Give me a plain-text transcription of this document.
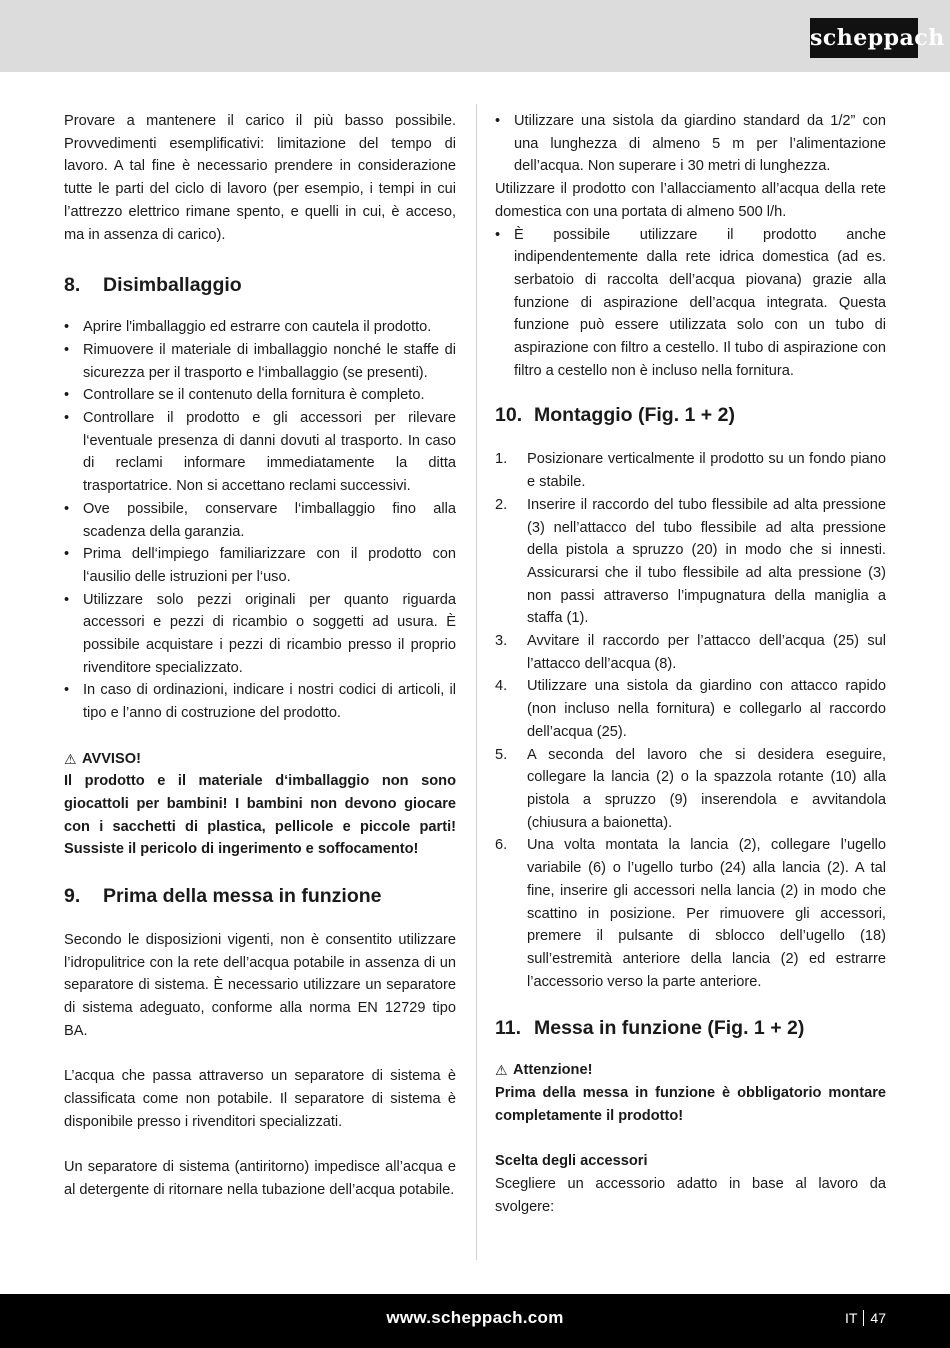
scheppach

Provare a mantenere il carico il più basso possibile. Provvedimenti esemplificativi: limitazione del tempo di lavoro. A tal fine è necessario prendere in considerazione tutte le parti del ciclo di lavoro (per esempio, i tempi in cui l’attrezzo elettrico rimane spento, e quelli in cui, è acceso, ma in assenza di carico).

8.	Disimballaggio
• Aprire l'imballaggio ed estrarre con cautela il prodotto.
• Rimuovere il materiale di imballaggio nonché le staffe di sicurezza per il trasporto e l‘imballaggio (se presenti).
• Controllare se il contenuto della fornitura è completo.
• Controllare il prodotto e gli accessori per rilevare l‘eventuale presenza di danni dovuti al trasporto. In caso di reclami informare immediatamente la ditta trasportatrice. Non si accettano reclami successivi.
• Ove possibile, conservare l‘imballaggio fino alla scadenza della garanzia.
• Prima dell‘impiego familiarizzare con il prodotto con l‘ausilio delle istruzioni per l‘uso.
• Utilizzare solo pezzi originali per quanto riguarda accessori e pezzi di ricambio o soggetti ad usura. È possibile acquistare i pezzi di ricambio presso il proprio rivenditore specializzato.
• In caso di ordinazioni, indicare i nostri codici di articoli, il tipo e l’anno di costruzione del prodotto.
⚠ AVVISO!

Il prodotto e il materiale d‘imballaggio non sono giocattoli per bambini! I bambini non devono giocare con i sacchetti di plastica, pellicole e piccole parti! Sussiste il pericolo di ingerimento e soffocamento!

9.	Prima della messa in funzione

Secondo le disposizioni vigenti, non è consentito utilizzare l’idropulitrice con la rete dell’acqua potabile in assenza di un separatore di sistema. È necessario utilizzare un separatore di sistema adeguato, conforme alla norma EN 12729 tipo BA.

L’acqua che passa attraverso un separatore di sistema è classificata come non potabile. Il separatore di sistema è disponibile presso i rivenditori specializzati.

Un separatore di sistema (antiritorno) impedisce all’acqua e al detergente di ritornare nella tubazione dell’acqua potabile.

• Utilizzare una sistola da giardino standard da 1/2” con una lunghezza di almeno 5 m per l’alimentazione dell’acqua. Non superare i 30 metri di lunghezza.

Utilizzare il prodotto con l’allacciamento all’acqua della rete domestica con una portata di almeno 500 l/h.

• È possibile utilizzare il prodotto anche indipendentemente dalla rete idrica domestica (ad es. serbatoio di raccolta dell’acqua piovana) grazie alla funzione di aspirazione dell’acqua integrata. Questa funzione può essere utilizzata solo con un tubo di aspirazione con filtro a cestello. Il tubo di aspirazione con filtro a cestello non è incluso nella fornitura.
10. Montaggio (Fig. 1 + 2)
1. Posizionare verticalmente il prodotto su un fondo piano e stabile.
2. Inserire il raccordo del tubo flessibile ad alta pressione (3) nell’attacco del tubo flessibile ad alta pressione della pistola a spruzzo (20) in modo che si innesti. Assicurarsi che il tubo flessibile ad alta pressione (3) non passi attraverso l’impugnatura della maniglia a staffa (1).
3. Avvitare il raccordo per l’attacco dell’acqua (25) sul l’attacco dell’acqua (8).
4. Utilizzare una sistola da giardino con attacco rapido (non incluso nella fornitura) e collegarlo al raccordo dell’acqua (25).
5. A seconda del lavoro che si desidera eseguire, collegare la lancia (2) o la spazzola rotante (10) alla pistola a spruzzo (9) inserendola e avvitandola (chiusura a baionetta).
6. Una volta montata la lancia (2), collegare l’ugello variabile (6) o l’ugello turbo (24) alla lancia (2). A tal fine, inserire gli accessori nella lancia (2) in modo che scattino in posizione. Per rimuovere gli accessori, premere il pulsante di sblocco dell’ugello (18) sull’estremità anteriore della lancia (2) ed estrarre l’accessorio verso la parte anteriore.
11. Messa in funzione (Fig. 1 + 2)
⚠ Attenzione!

Prima della messa in funzione è obbligatorio montare completamente il prodotto!

Scelta degli accessori

Scegliere un accessorio adatto in base al lavoro da svolgere:

www.scheppach.com	IT 47
